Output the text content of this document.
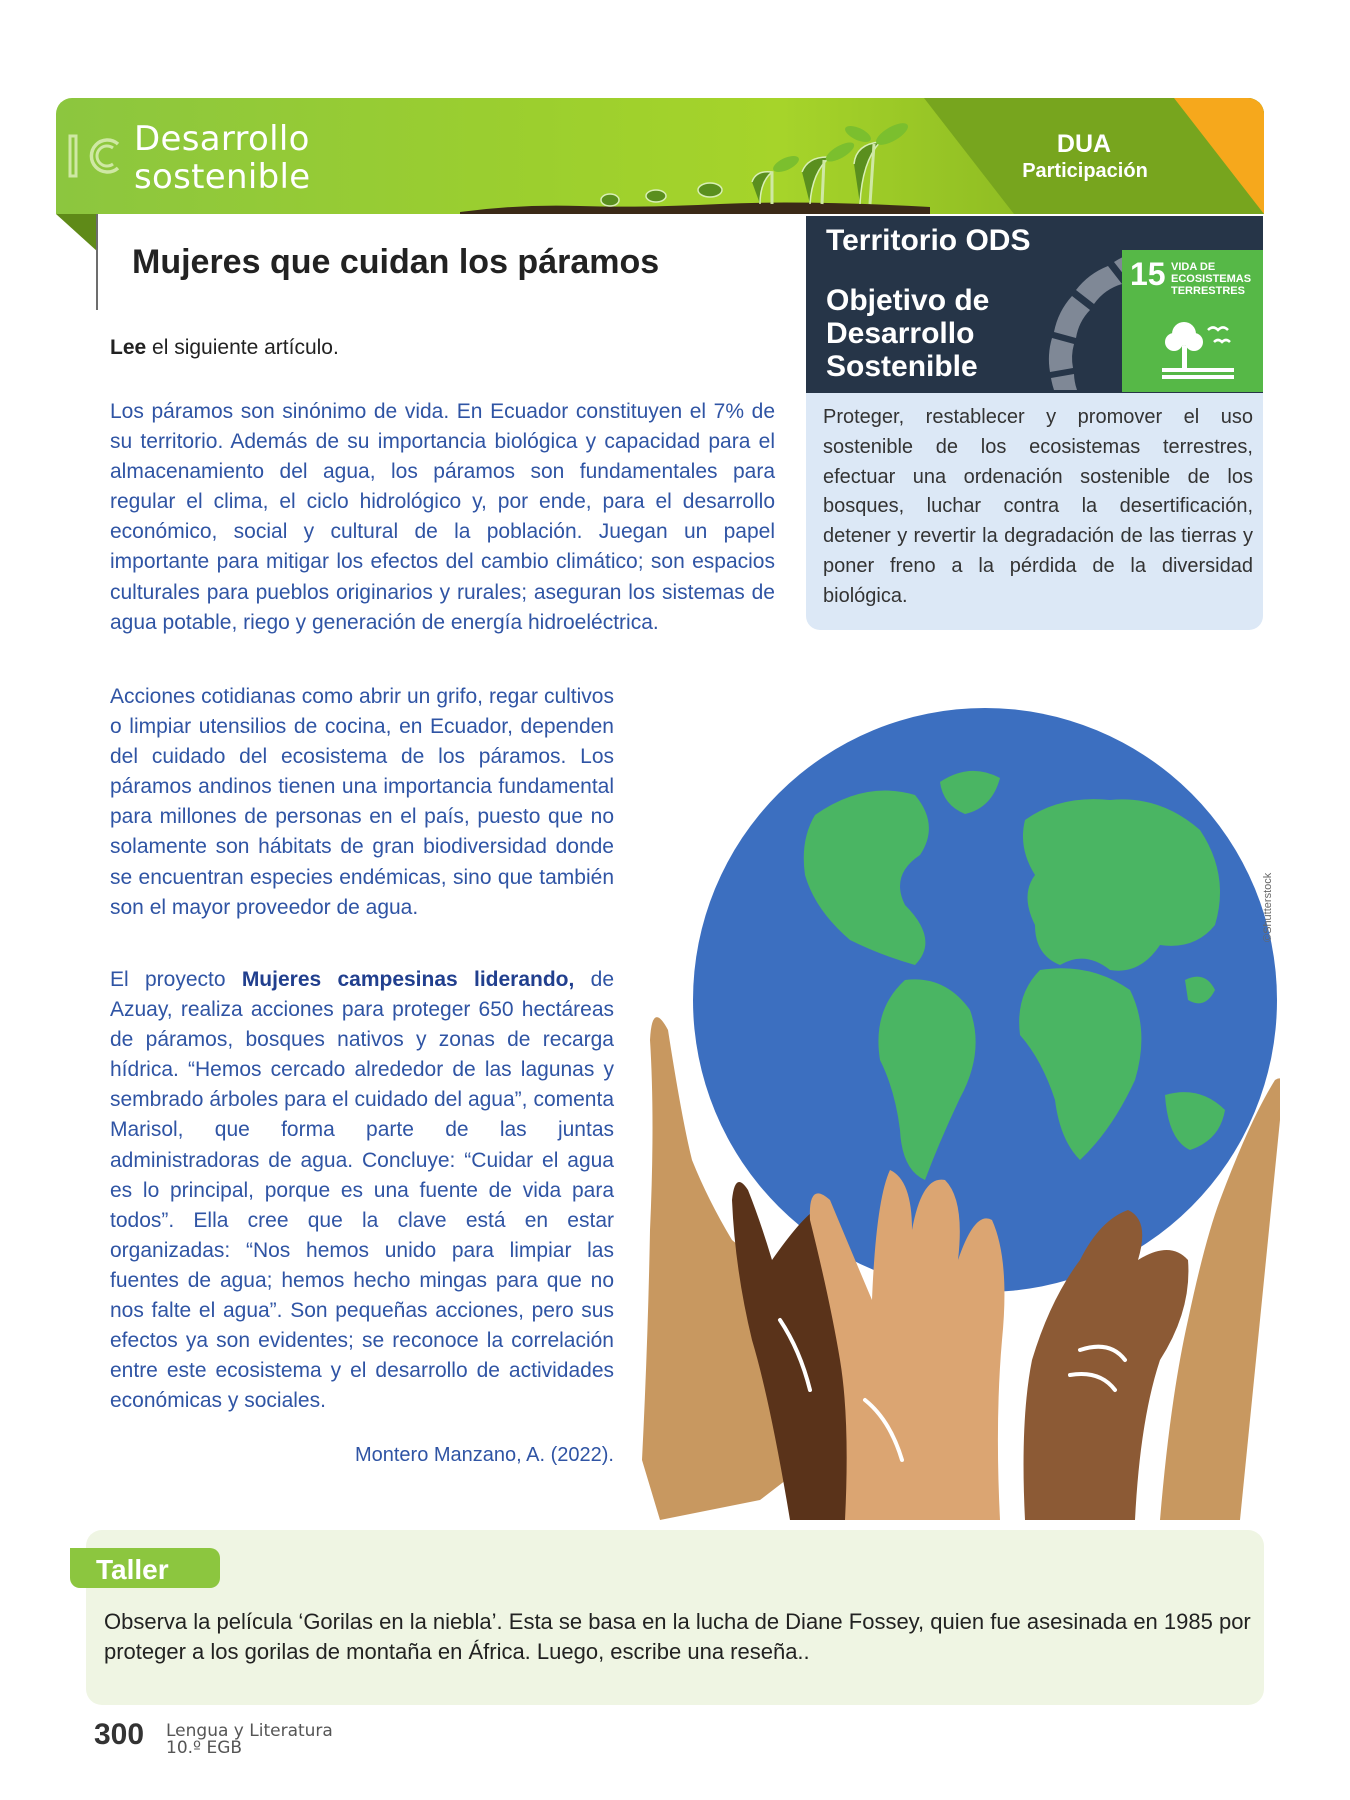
Desarrollo
sostenible
DUA
Participación
Mujeres que cuidan los páramos
Lee el siguiente artículo.

Los páramos son sinónimo de vida. En Ecuador constituyen el 7% de su territorio. Además de su importancia biológica y capacidad para el almacenamiento del agua, los páramos son fundamentales para regular el clima, el ciclo hidrológico y, por ende, para el desarrollo económico, social y cultural de la población. Juegan un papel importante para mitigar los efectos del cambio climático; son espacios culturales para pueblos originarios y rurales; aseguran los sistemas de agua potable, riego y generación de energía hidroeléctrica.

Acciones cotidianas como abrir un grifo, regar cultivos o limpiar utensilios de cocina, en Ecuador, dependen del cuidado del ecosistema de los páramos. Los páramos andinos tienen una importancia fundamental para millones de personas en el país, puesto que no solamente son hábitats de gran biodiversidad donde se encuentran especies endémicas, sino que también son el mayor proveedor de agua.

El proyecto Mujeres campesinas liderando, de Azuay, realiza acciones para proteger 650 hectáreas de páramos, bosques nativos y zonas de recarga hídrica. “Hemos cercado alrededor de las lagunas y sembrado árboles para el cuidado del agua”, comenta Marisol, que forma parte de las juntas administradoras de agua. Concluye: “Cuidar el agua es lo principal, porque es una fuente de vida para todos”. Ella cree que la clave está en estar organizadas: “Nos hemos unido para limpiar las fuentes de agua; hemos hecho mingas para que no nos falte el agua”. Son pequeñas acciones, pero sus efectos ya son evidentes; se reconoce la correlación entre este ecosistema y el desarrollo de actividades económicas y sociales.

Montero Manzano, A. (2022).
Territorio ODS
Objetivo de Desarrollo Sostenible
15 VIDA DE ECOSISTEMAS TERRESTRES

Proteger, restablecer y promover el uso sostenible de los ecosistemas terrestres, efectuar una ordenación sostenible de los bosques, luchar contra la desertificación, detener y revertir la degradación de las tierras y poner freno a la pérdida de la diversidad biológica.

©Shutterstock
Taller

Observa la película ‘Gorilas en la niebla’. Esta se basa en la lucha de Diane Fossey, quien fue asesinada en 1985 por proteger a los gorilas de montaña en África. Luego, escribe una reseña..

300 Lengua y Literatura
10.º EGB
